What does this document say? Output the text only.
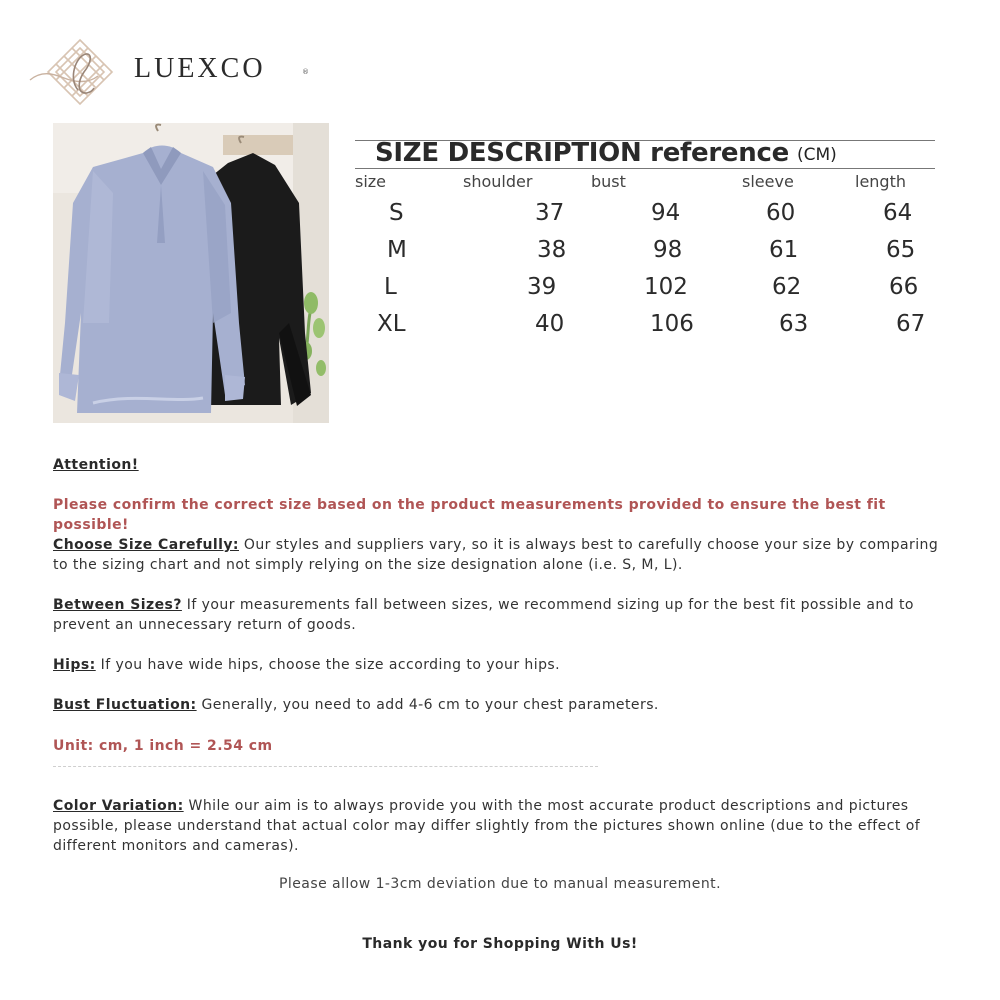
LUEXCO	®
SIZE DESCRIPTION reference (CM)
size	shoulder	bust	sleeve	length
S	37	94	60	64
M	38	98	61	65
L	39	102	62	66
XL	40	106	63	67
Attention!
Please confirm the correct size based on the product measurements provided to ensure the best fit possible!
Choose Size Carefully: Our styles and suppliers vary, so it is always best to carefully choose your size by comparing to the sizing chart and not simply relying on the size designation alone (i.e. S, M, L).
Between Sizes? If your measurements fall between sizes, we recommend sizing up for the best fit possible and to prevent an unnecessary return of goods.
Hips: If you have wide hips, choose the size according to your hips.
Bust Fluctuation: Generally, you need to add 4-6 cm to your chest parameters.
Unit: cm, 1 inch = 2.54 cm
Color Variation: While our aim is to always provide you with the most accurate product descriptions and pictures possible, please understand that actual color may differ slightly from the pictures shown online (due to the effect of different monitors and cameras).
Please allow 1-3cm deviation due to manual measurement.
Thank you for Shopping With Us!
